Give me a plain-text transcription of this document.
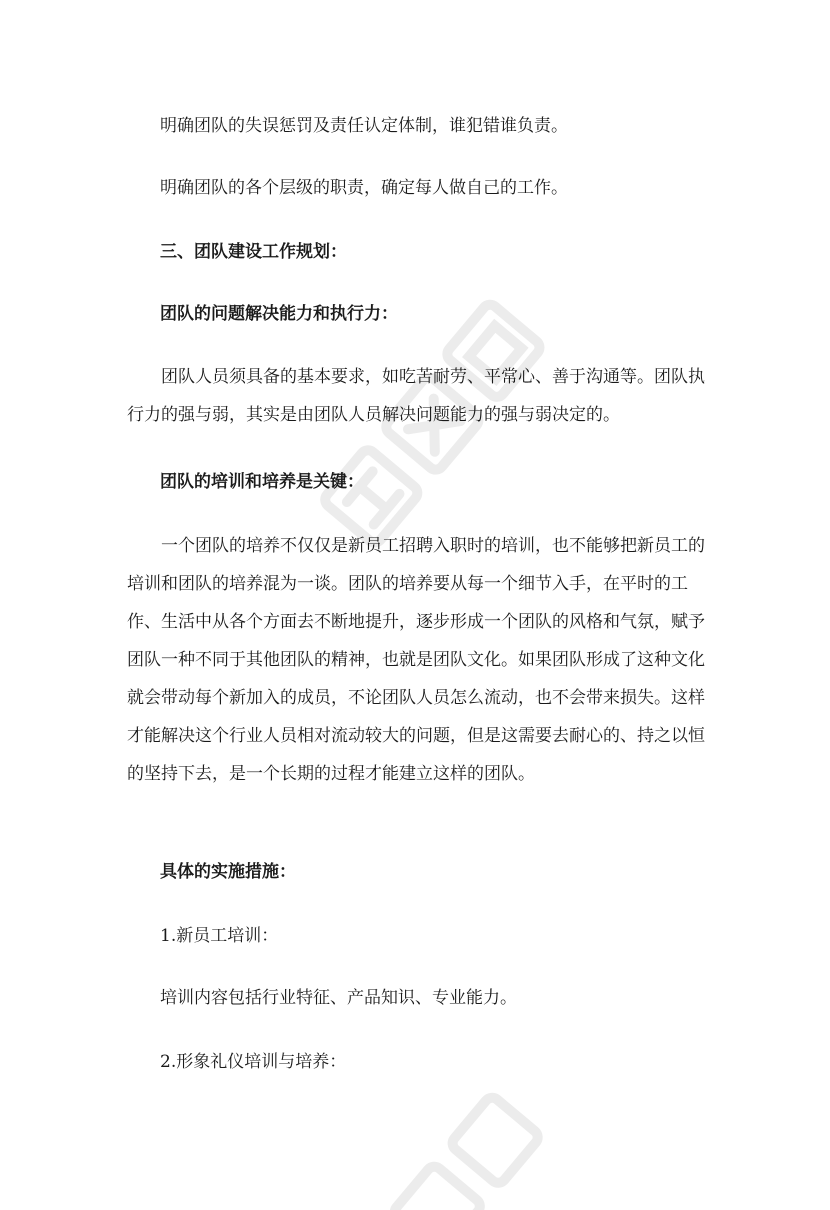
明确团队的失误惩罚及责任认定体制，谁犯错谁负责。

明确团队的各个层级的职责，确定每人做自己的工作。

三、团队建设工作规划：

团队的问题解决能力和执行力：

团队人员须具备的基本要求，如吃苦耐劳、平常心、善于沟通等。团队执行力的强与弱，其实是由团队人员解决问题能力的强与弱决定的。

团队的培训和培养是关键：

一个团队的培养不仅仅是新员工招聘入职时的培训，也不能够把新员工的培训和团队的培养混为一谈。团队的培养要从每一个细节入手，在平时的工作、生活中从各个方面去不断地提升，逐步形成一个团队的风格和气氛，赋予团队一种不同于其他团队的精神，也就是团队文化。如果团队形成了这种文化就会带动每个新加入的成员，不论团队人员怎么流动，也不会带来损失。这样才能解决这个行业人员相对流动较大的问题，但是这需要去耐心的、持之以恒的坚持下去，是一个长期的过程才能建立这样的团队。

具体的实施措施：

1.新员工培训：

培训内容包括行业特征、产品知识、专业能力。

2.形象礼仪培训与培养：
